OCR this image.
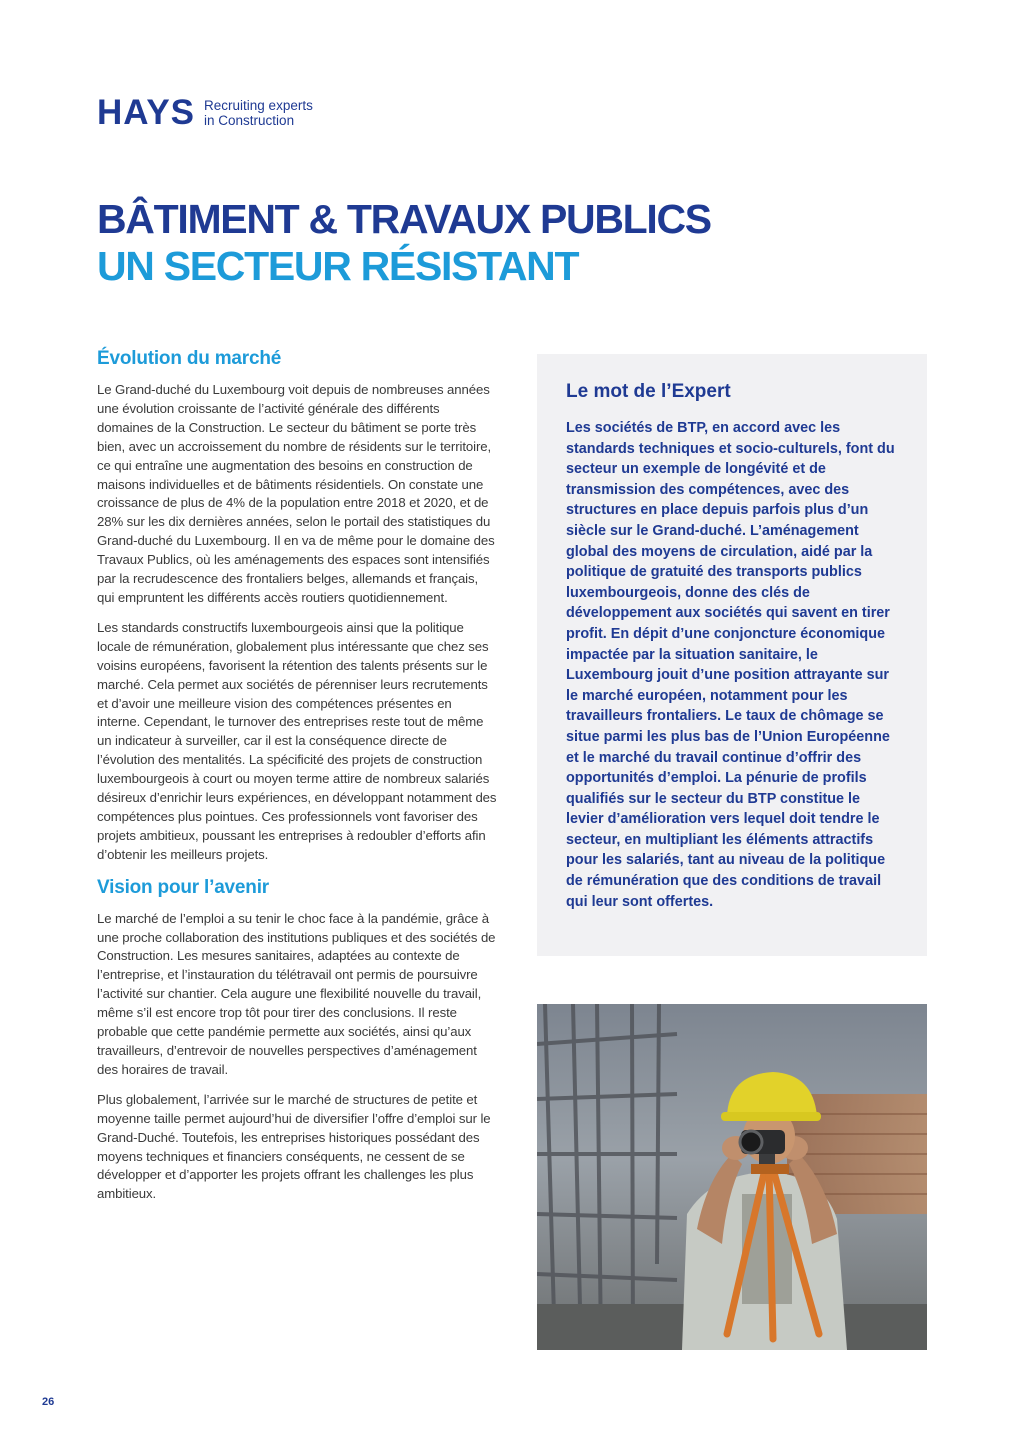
HAYS Recruiting experts
in Construction
BÂTIMENT & TRAVAUX PUBLICS
UN SECTEUR RÉSISTANT
Évolution du marché

Le Grand-duché du Luxembourg voit depuis de nombreuses années une évolution croissante de l’activité générale des différents domaines de la Construction. Le secteur du bâtiment se porte très bien, avec un accroissement du nombre de résidents sur le territoire, ce qui entraîne une augmentation des besoins en construction de maisons individuelles et de bâtiments résidentiels. On constate une croissance de plus de 4% de la population entre 2018 et 2020, et de 28% sur les dix dernières années, selon le portail des statistiques du Grand-duché du Luxembourg. Il en va de même pour le domaine des Travaux Publics, où les aménagements des espaces sont intensifiés par la recrudescence des frontaliers belges, allemands et français, qui empruntent les différents accès routiers quotidiennement.

Les standards constructifs luxembourgeois ainsi que la politique locale de rémunération, globalement plus intéressante que chez ses voisins européens, favorisent la rétention des talents présents sur le marché. Cela permet aux sociétés de pérenniser leurs recrutements et d’avoir une meilleure vision des compétences présentes en interne. Cependant, le turnover des entreprises reste tout de même un indicateur à surveiller, car il est la conséquence directe de l’évolution des mentalités. La spécificité des projets de construction luxembourgeois à court ou moyen terme attire de nombreux salariés désireux d’enrichir leurs expériences, en développant notamment des compétences plus pointues. Ces professionnels vont favoriser des projets ambitieux, poussant les entreprises à redoubler d’efforts afin d’obtenir les meilleurs projets.

Vision pour l’avenir

Le marché de l’emploi a su tenir le choc face à la pandémie, grâce à une proche collaboration des institutions publiques et des sociétés de Construction. Les mesures sanitaires, adaptées au contexte de l’entreprise, et l’instauration du télétravail ont permis de poursuivre l’activité sur chantier. Cela augure une flexibilité nouvelle du travail, même s’il est encore trop tôt pour tirer des conclusions. Il reste probable que cette pandémie permette aux sociétés, ainsi qu’aux travailleurs, d’entrevoir de nouvelles perspectives d’aménagement des horaires de travail.

Plus globalement, l’arrivée sur le marché de structures de petite et moyenne taille permet aujourd’hui de diversifier l’offre d’emploi sur le Grand-Duché. Toutefois, les entreprises historiques possédant des moyens techniques et financiers conséquents, ne cessent de se développer et d’apporter les projets offrant les challenges les plus ambitieux.

Le mot de l’Expert

Les sociétés de BTP, en accord avec les standards techniques et socio-culturels, font du secteur un exemple de longévité et de transmission des compétences, avec des structures en place depuis parfois plus d’un siècle sur le Grand-duché. L’aménagement global des moyens de circulation, aidé par la politique de gratuité des transports publics luxembourgeois, donne des clés de développement aux sociétés qui savent en tirer profit. En dépit d’une conjoncture économique impactée par la situation sanitaire, le Luxembourg jouit d’une position attrayante sur le marché européen, notamment pour les travailleurs frontaliers. Le taux de chômage se situe parmi les plus bas de l’Union Européenne et le marché du travail continue d’offrir des opportunités d’emploi. La pénurie de profils qualifiés sur le secteur du BTP constitue le levier d’amélioration vers lequel doit tendre le secteur, en multipliant les éléments attractifs pour les salariés, tant au niveau de la politique de rémunération que des conditions de travail qui leur sont offertes.

26
